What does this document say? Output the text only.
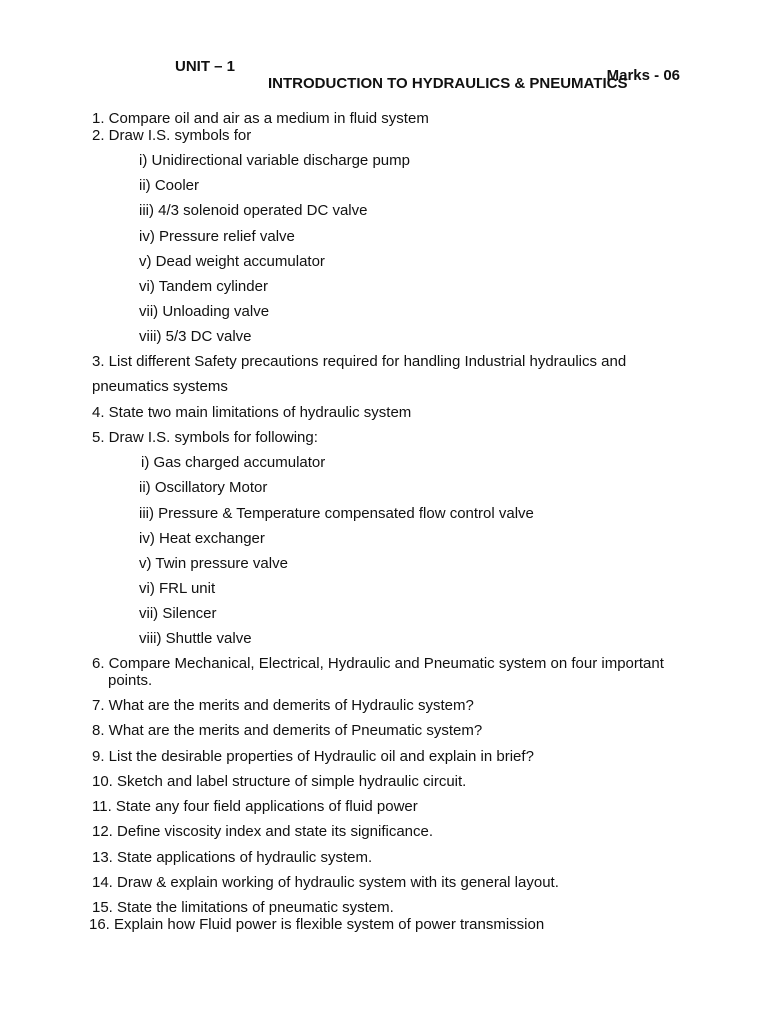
UNIT – 1

INTRODUCTION TO HYDRAULICS & PNEUMATICS

Marks - 06
1. Compare oil and air as a medium in fluid system
2. Draw I.S. symbols for
i) Unidirectional variable discharge pump
ii) Cooler
iii) 4/3 solenoid operated DC valve
iv) Pressure relief valve
v) Dead weight accumulator
vi) Tandem cylinder
vii) Unloading valve
viii) 5/3 DC valve
3. List different Safety precautions required for handling Industrial hydraulics and
pneumatics systems
4. State two main limitations of hydraulic system
5. Draw I.S. symbols for following:
i) Gas charged accumulator
ii) Oscillatory Motor
iii) Pressure & Temperature compensated flow control valve
iv) Heat exchanger
v) Twin pressure valve
vi) FRL unit
vii) Silencer
viii) Shuttle valve
6. Compare Mechanical, Electrical, Hydraulic and Pneumatic system on four important
points.
7. What are the merits and demerits of Hydraulic system?
8. What are the merits and demerits of Pneumatic system?
9. List the desirable properties of Hydraulic oil and explain in brief?
10. Sketch and label structure of simple hydraulic circuit.
11. State any four field applications of fluid power
12. Define viscosity index and state its significance.
13. State applications of hydraulic system.
14. Draw & explain working of hydraulic system with its general layout.
15. State the limitations of pneumatic system.
16. Explain how Fluid power is flexible system of power transmission
